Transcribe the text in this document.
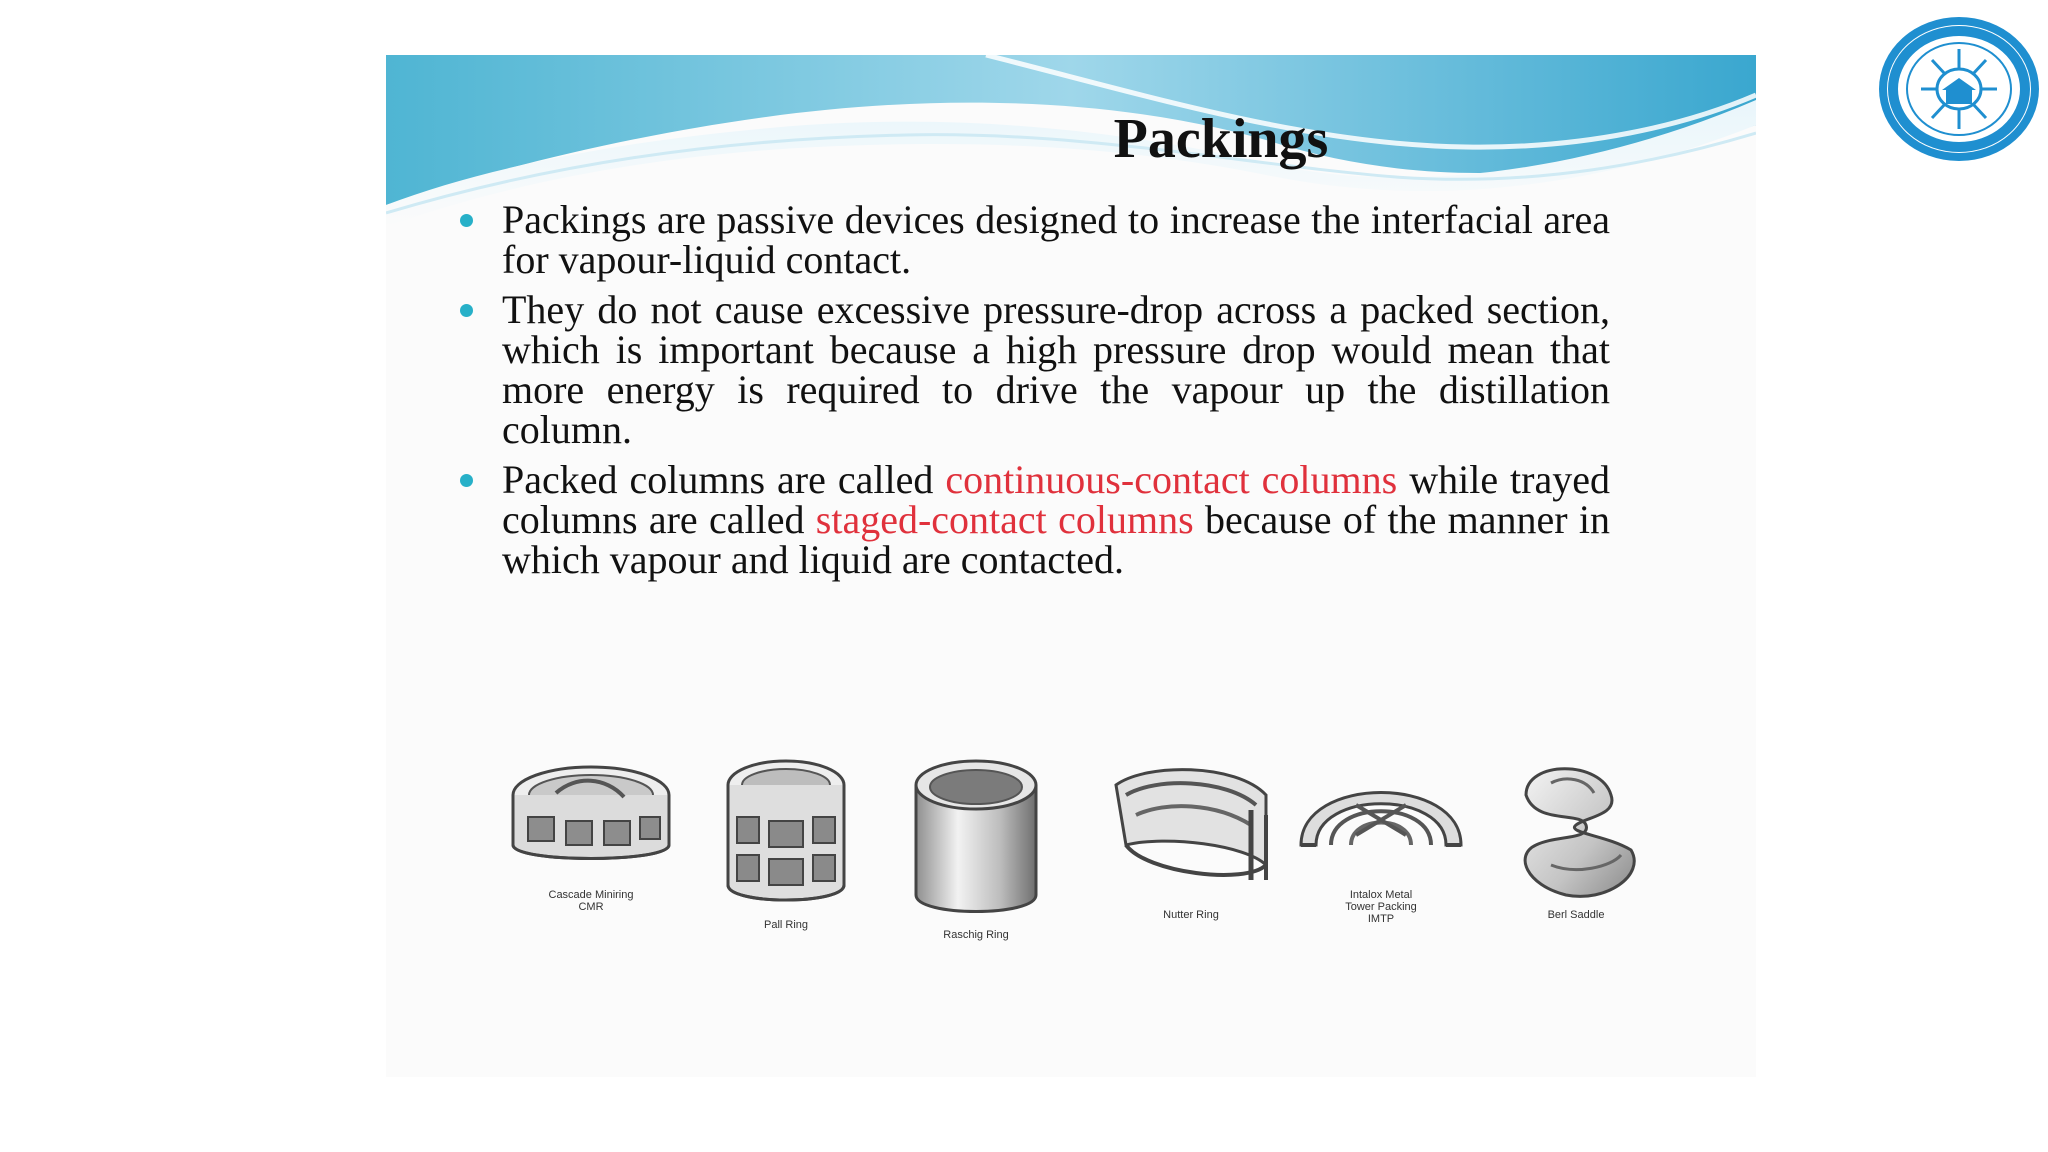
Packings
Packings are passive devices designed to increase the interfacial area for vapour-liquid contact.
They do not cause excessive pressure-drop across a packed section, which is important because a high pressure drop would mean that more energy is required to drive the vapour up the distillation column.
Packed columns are called continuous-contact columns while trayed columns are called staged-contact columns because of the manner in which vapour and liquid are contacted.
Cascade Miniring
CMR
Pall Ring
Raschig Ring
Nutter Ring
Intalox Metal
Tower Packing
IMTP	Berl Saddle
